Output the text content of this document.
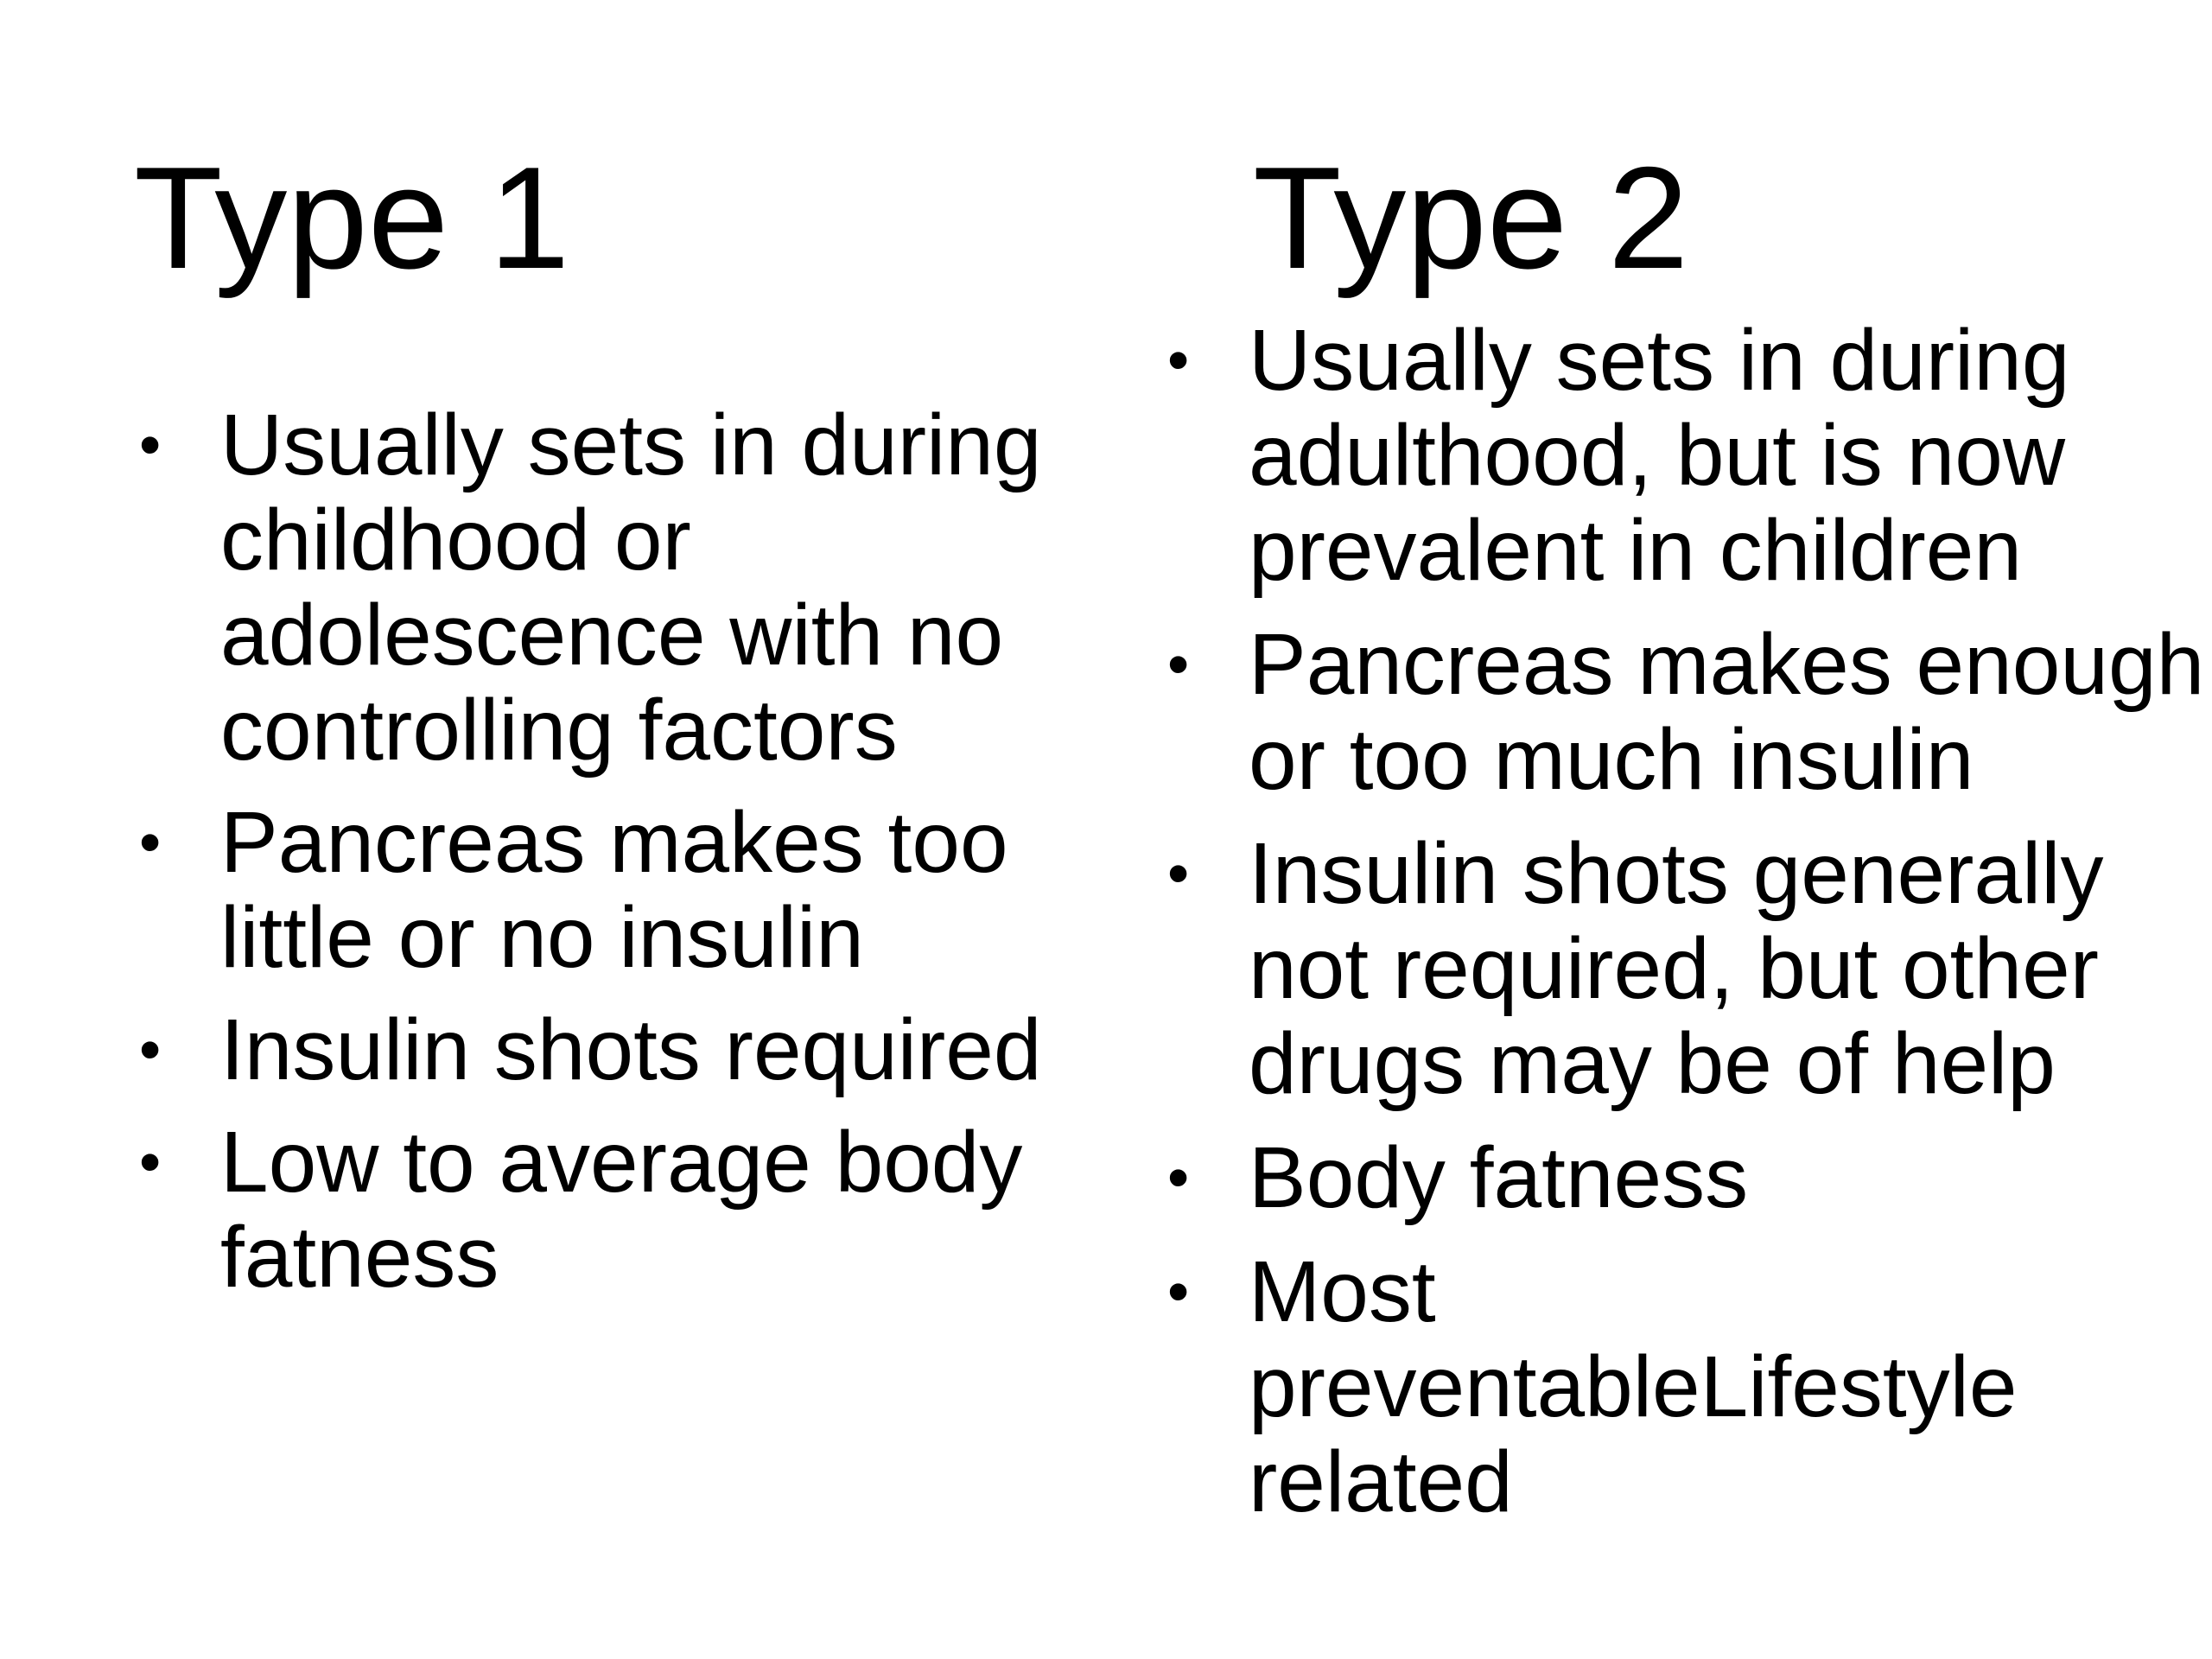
Type 1
• Usually sets in during childhood or adolescence with no controlling factors
• Pancreas makes too little or no insulin
• Insulin shots required
• Low to average body fatness
Type 2
• Usually sets in during adulthood, but is now prevalent in children
• Pancreas makes enough or too much insulin
• Insulin shots generally not required, but other drugs may be of help
• Body fatness
• Most preventableLifestyle related
